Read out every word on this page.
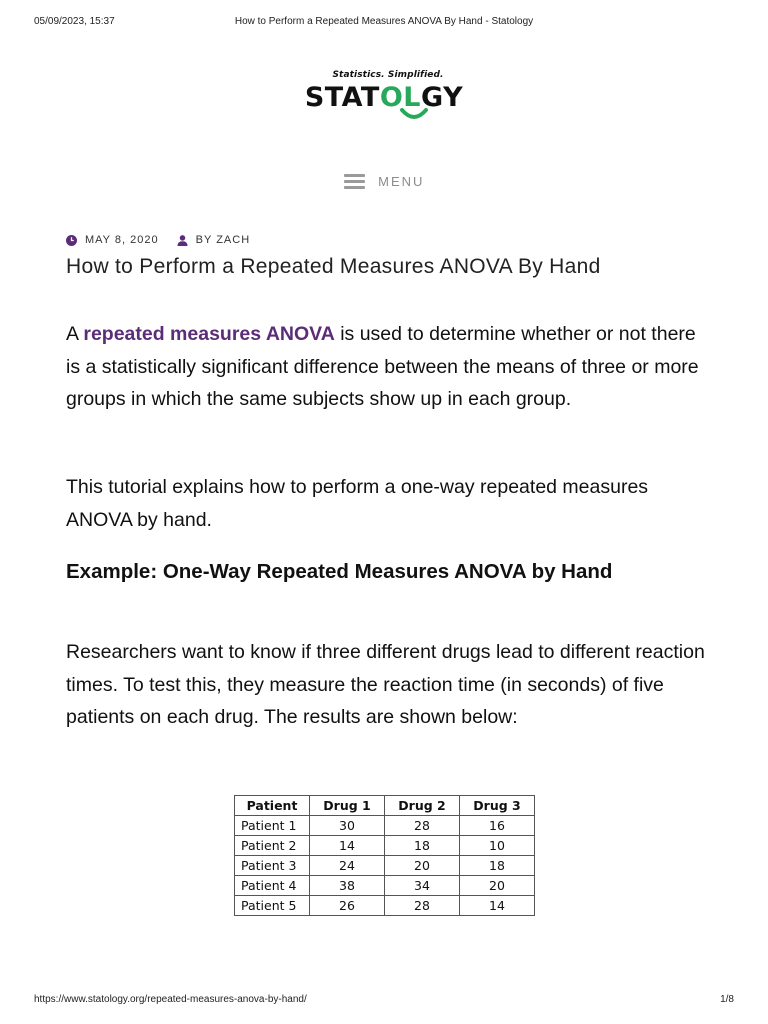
05/09/2023, 15:37	How to Perform a Repeated Measures ANOVA By Hand - Statology
Statistics. Simplified.
STATOLGY
MENU
MAY 8, 2020
	BY ZACH
How to Perform a Repeated Measures ANOVA By Hand

A repeated measures ANOVA is used to determine whether or not there is a statistically significant difference between the means of three or more groups in which the same subjects show up in each group.

This tutorial explains how to perform a one-way repeated measures ANOVA by hand.

Example: One-Way Repeated Measures ANOVA by Hand

Researchers want to know if three different drugs lead to different reaction times. To test this, they measure the reaction time (in seconds) of five patients on each drug. The results are shown below:

Patient	Drug 1	Drug 2	Drug 3
Patient 1	30	28	16
Patient 2	14	18	10
Patient 3	24	20	18
Patient 4	38	34	20
Patient 5	26	28	14
https://www.statology.org/repeated-measures-anova-by-hand/	1/8
